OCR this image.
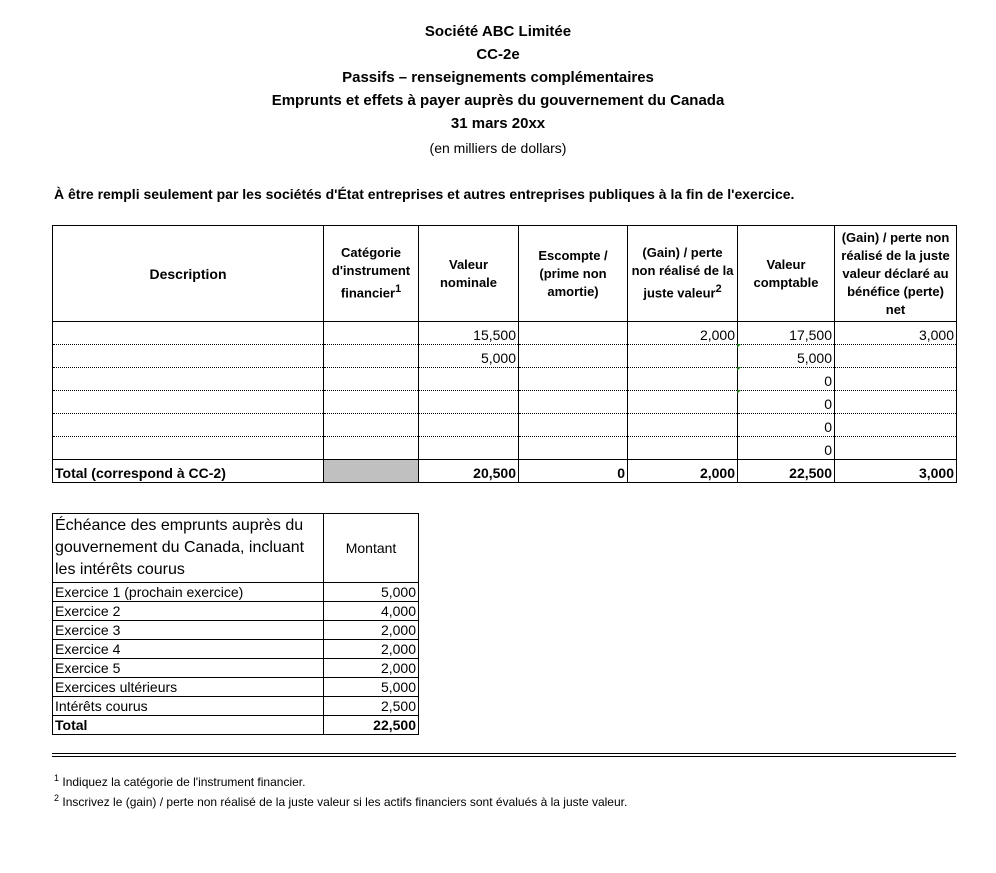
Société ABC Limitée
CC-2e
Passifs – renseignements complémentaires
Emprunts et effets à payer auprès du gouvernement du Canada
31 mars 20xx
(en milliers de dollars)
À être rempli seulement par les sociétés d'État entreprises et autres entreprises publiques à la fin de l'exercice.
Description	Catégorie d'instrument financier$^1$	Valeur nominale	Escompte / (prime non amortie)	(Gain) / perte non réalisé de la juste valeur$^2$	Valeur comptable	(Gain) / perte non réalisé de la juste valeur déclaré au bénéfice (perte) net
		15,500		2,000	17,500	3,000
		5,000			5,000	
					0	
					0	
					0	
					0	
Total (correspond à CC-2)		20,500	0	2,000	22,500	3,000
Échéance des emprunts auprès du gouvernement du Canada, incluant les intérêts courus	Montant
Exercice 1 (prochain exercice)	5,000
Exercice 2	4,000
Exercice 3	2,000
Exercice 4	2,000
Exercice 5	2,000
Exercices ultérieurs	5,000
Intérêts courus	2,500
Total	22,500
$^1$ Indiquez la catégorie de l'instrument financier.
$^2$ Inscrivez le (gain) / perte non réalisé de la juste valeur si les actifs financiers sont évalués à la juste valeur.
